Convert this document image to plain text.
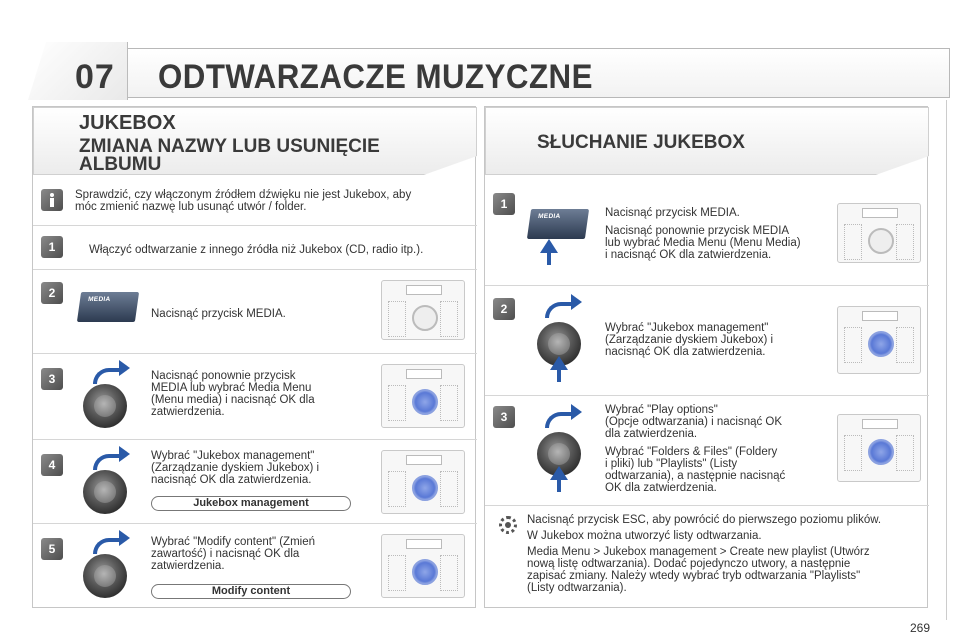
07 ODTWARZACZE MUZYCZNE
JUKEBOX
ZMIANA NAZWY LUB USUNIĘCIE
ALBUMU
Sprawdzić, czy włączonym źródłem dźwięku nie jest Jukebox, aby
móc zmienić nazwę lub usunąć utwór / folder.
1	Włączyć odtwarzanie z innego źródła niż Jukebox (CD, radio itp.).
2	MEDIA
Nacisnąć przycisk MEDIA.
3	Nacisnąć ponownie przycisk
MEDIA lub wybrać Media Menu
(Menu media) i nacisnąć OK dla
zatwierdzenia.
4
Wybrać "Jukebox management"
(Zarządzanie dyskiem Jukebox) i
nacisnąć OK dla zatwierdzenia.
Jukebox management
5	Wybrać "Modify content" (Zmień
zawartość) i nacisnąć OK dla
zatwierdzenia.
Modify content
SŁUCHANIE JUKEBOX
1
MEDIA	Nacisnąć przycisk MEDIA.
Nacisnąć ponownie przycisk MEDIA
lub wybrać Media Menu (Menu Media)
i nacisnąć OK dla zatwierdzenia.
2
Wybrać "Jukebox management"
(Zarządzanie dyskiem Jukebox) i
nacisnąć OK dla zatwierdzenia.
3	Wybrać "Play options"
(Opcje odtwarzania) i nacisnąć OK
dla zatwierdzenia.
Wybrać "Folders & Files" (Foldery
i pliki) lub "Playlists" (Listy
odtwarzania), a następnie nacisnąć
OK dla zatwierdzenia.
Nacisnąć przycisk ESC, aby powrócić do pierwszego poziomu plików.
W Jukebox można utworzyć listy odtwarzania.
Media Menu > Jukebox management > Create new playlist (Utwórz
nową listę odtwarzania). Dodać pojedynczo utwory, a następnie
zapisać zmiany. Należy wtedy wybrać tryb odtwarzania "Playlists"
(Listy odtwarzania).
269
